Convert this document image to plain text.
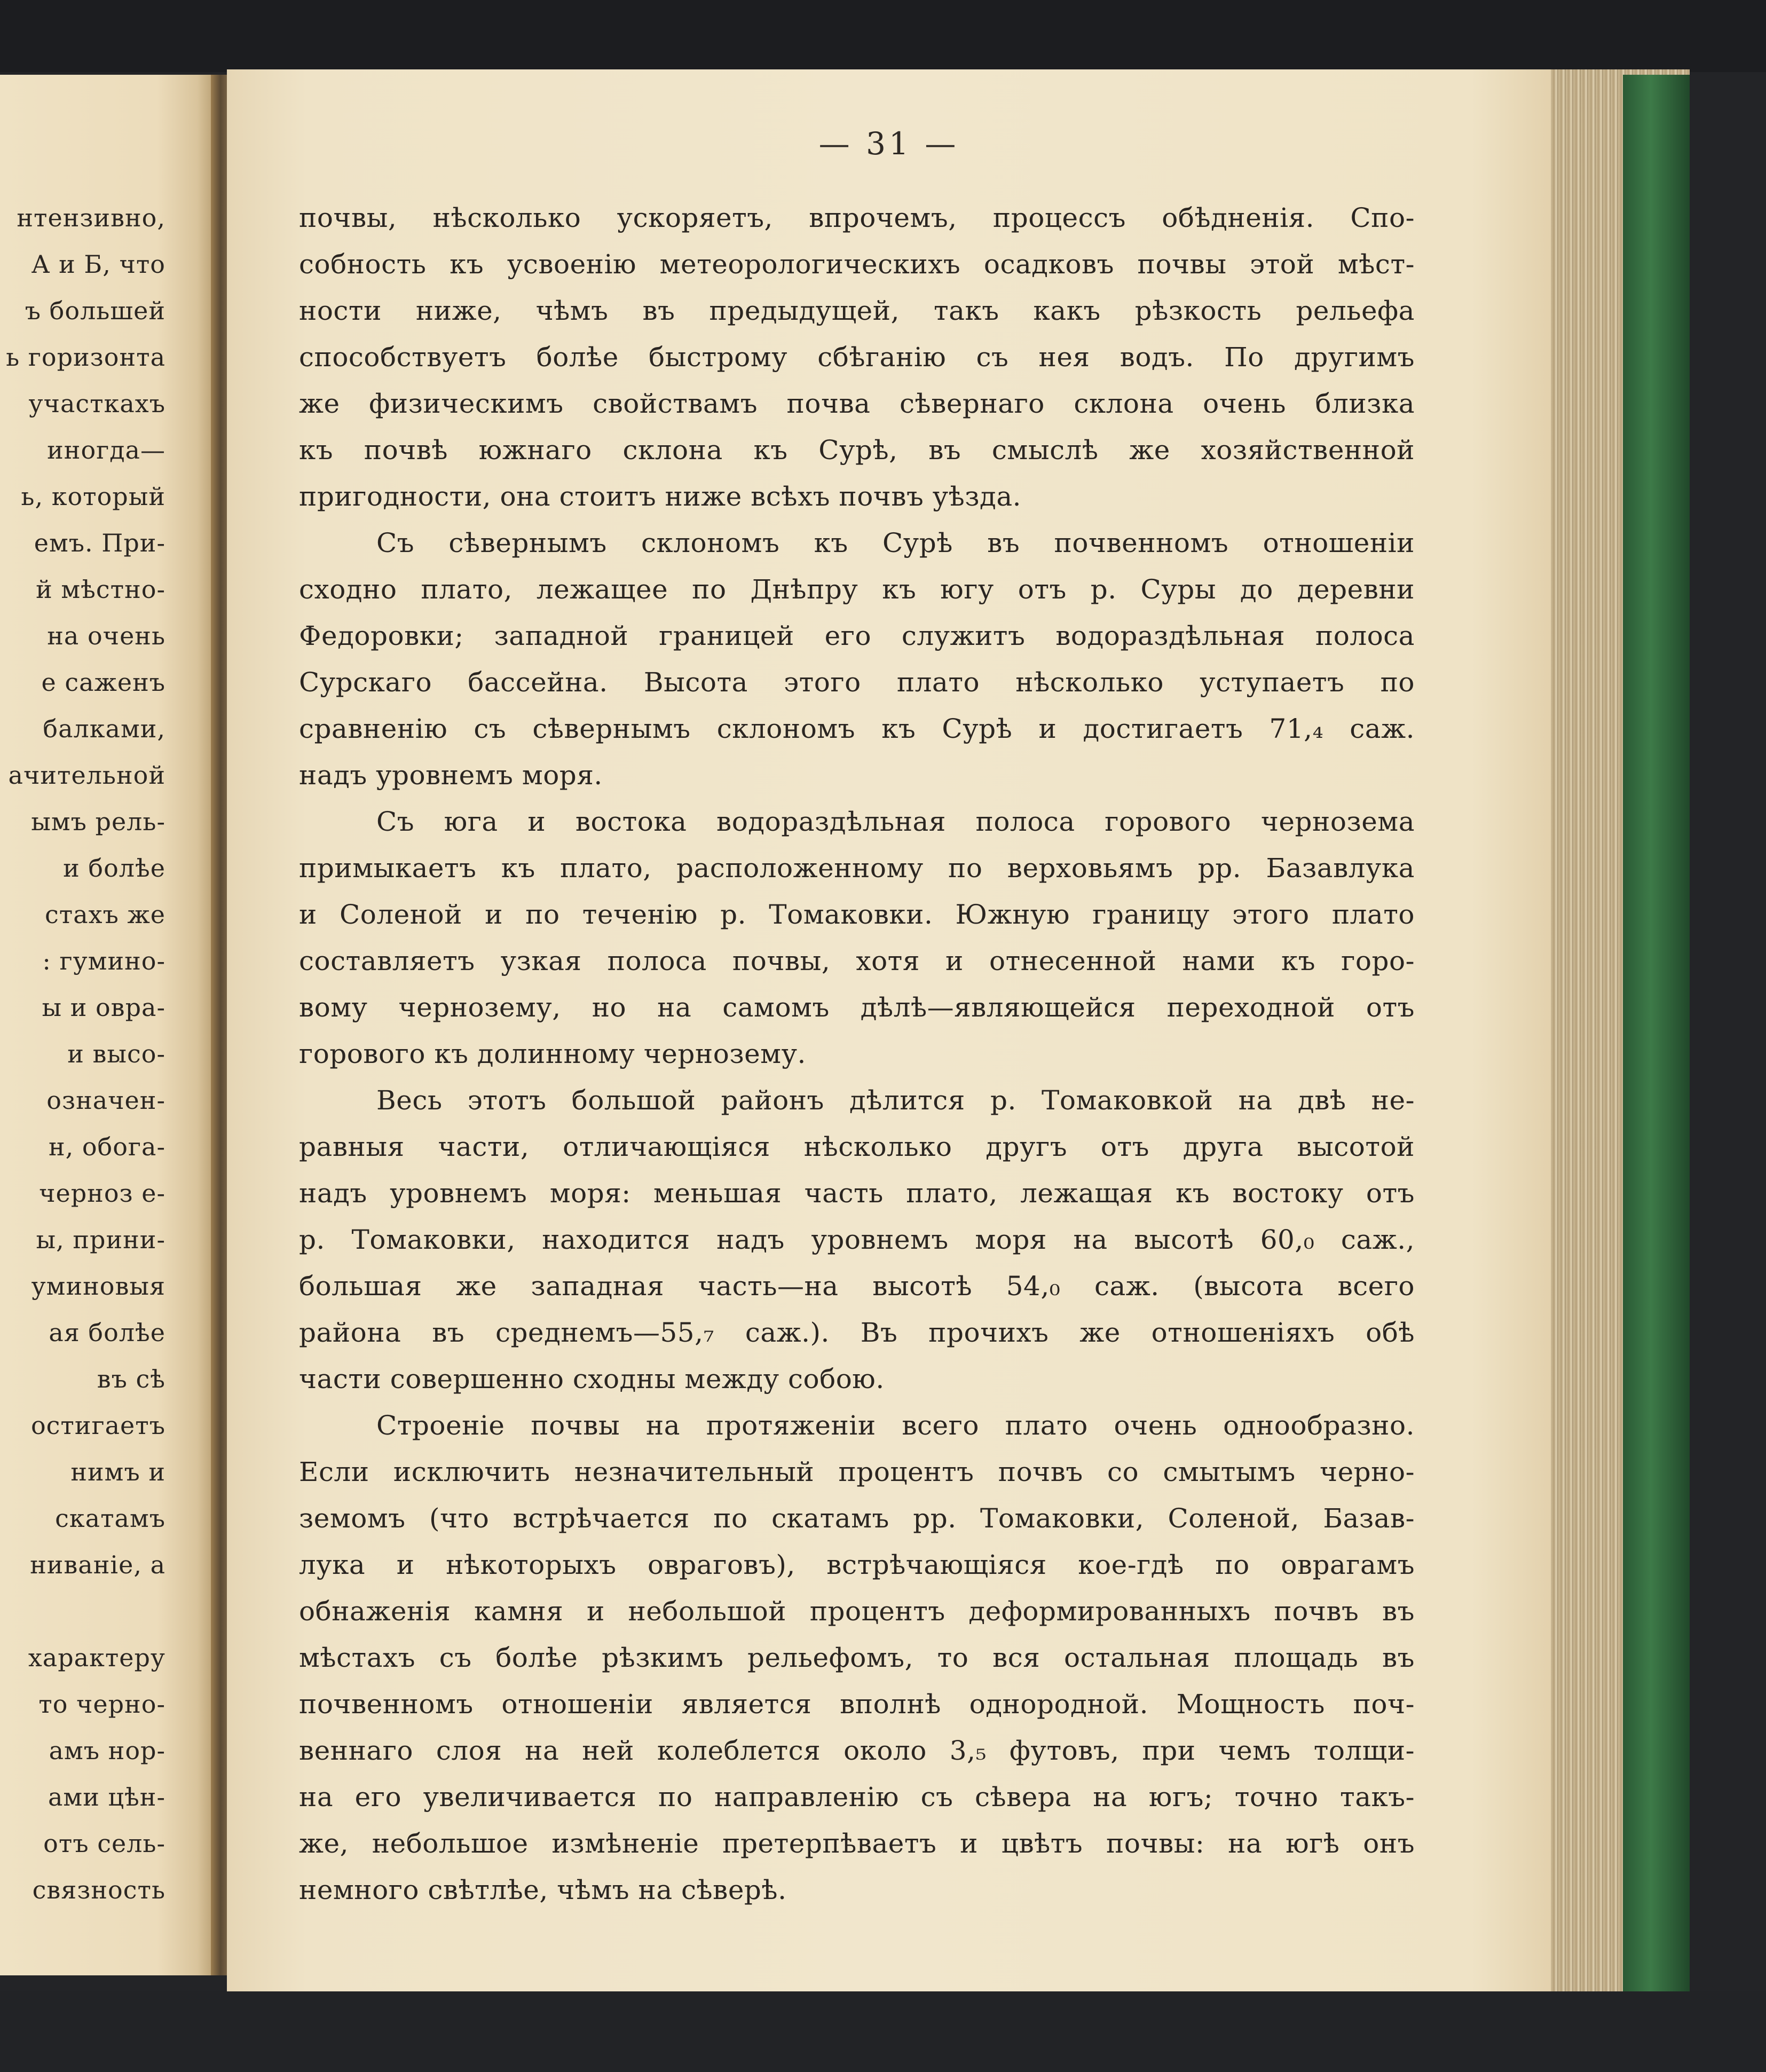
нтензивно,
А и Б, что
ъ большей
ь горизонта
участкахъ
иногда—
ь, который
емъ. При-
й мѣстно-
на очень
е саженъ
балками,
ачительной
ымъ рель-
и болѣе
стахъ же
: гумино-
ы и овра-
и высо-
означен-
н, обога-
черноз е-
ы, прини-
уминовыя
ая болѣе
въ сѣ
остигаетъ
нимъ и
скатамъ
ниваніе, а
характеру
то черно-
амъ нор-
ами цѣн-
отъ сель-
связность
— 31 —
почвы, нѣсколько ускоряетъ, впрочемъ, процессъ обѣдненія. Спо-
собность къ усвоенію метеорологическихъ осадковъ почвы этой мѣст-
ности ниже, чѣмъ въ предыдущей, такъ какъ рѣзкость рельефа
способствуетъ болѣе быстрому сбѣганію съ нея водъ. По другимъ
же физическимъ свойствамъ почва сѣвернаго склона очень близка
къ почвѣ южнаго склона къ Сурѣ, въ смыслѣ же хозяйственной
пригодности, она стоитъ ниже всѣхъ почвъ уѣзда.
Съ сѣвернымъ склономъ къ Сурѣ въ почвенномъ отношеніи
сходно плато, лежащее по Днѣпру къ югу отъ р. Суры до деревни
Федоровки; западной границей его служитъ водораздѣльная полоса
Сурскаго бассейна. Высота этого плато нѣсколько уступаетъ по
сравненію съ сѣвернымъ склономъ къ Сурѣ и достигаетъ 71,₄ саж.
надъ уровнемъ моря.
Съ юга и востока водораздѣльная полоса горового чернозема
примыкаетъ къ плато, расположенному по верховьямъ рр. Базавлука
и Соленой и по теченію р. Томаковки. Южную границу этого плато
составляетъ узкая полоса почвы, хотя и отнесенной нами къ горо-
вому чернозему, но на самомъ дѣлѣ—являющейся переходной отъ
горового къ долинному чернозему.
Весь этотъ большой районъ дѣлится р. Томаковкой на двѣ не-
равныя части, отличающіяся нѣсколько другъ отъ друга высотой
надъ уровнемъ моря: меньшая часть плато, лежащая къ востоку отъ
р. Томаковки, находится надъ уровнемъ моря на высотѣ 60,₀ саж.,
большая же западная часть—на высотѣ 54,₀ саж. (высота всего
района въ среднемъ—55,₇ саж.). Въ прочихъ же отношеніяхъ обѣ
части совершенно сходны между собою.
Строеніе почвы на протяженіи всего плато очень однообразно.
Если исключить незначительный процентъ почвъ со смытымъ черно-
земомъ (что встрѣчается по скатамъ рр. Томаковки, Соленой, Базав-
лука и нѣкоторыхъ овраговъ), встрѣчающіяся кое-гдѣ по оврагамъ
обнаженія камня и небольшой процентъ деформированныхъ почвъ въ
мѣстахъ съ болѣе рѣзкимъ рельефомъ, то вся остальная площадь въ
почвенномъ отношеніи является вполнѣ однородной. Мощность поч-
веннаго слоя на ней колеблется около 3,₅ футовъ, при чемъ толщи-
на его увеличивается по направленію съ сѣвера на югъ; точно такъ-
же, небольшое измѣненіе претерпѣваетъ и цвѣтъ почвы: на югѣ онъ
немного свѣтлѣе, чѣмъ на сѣверѣ.
